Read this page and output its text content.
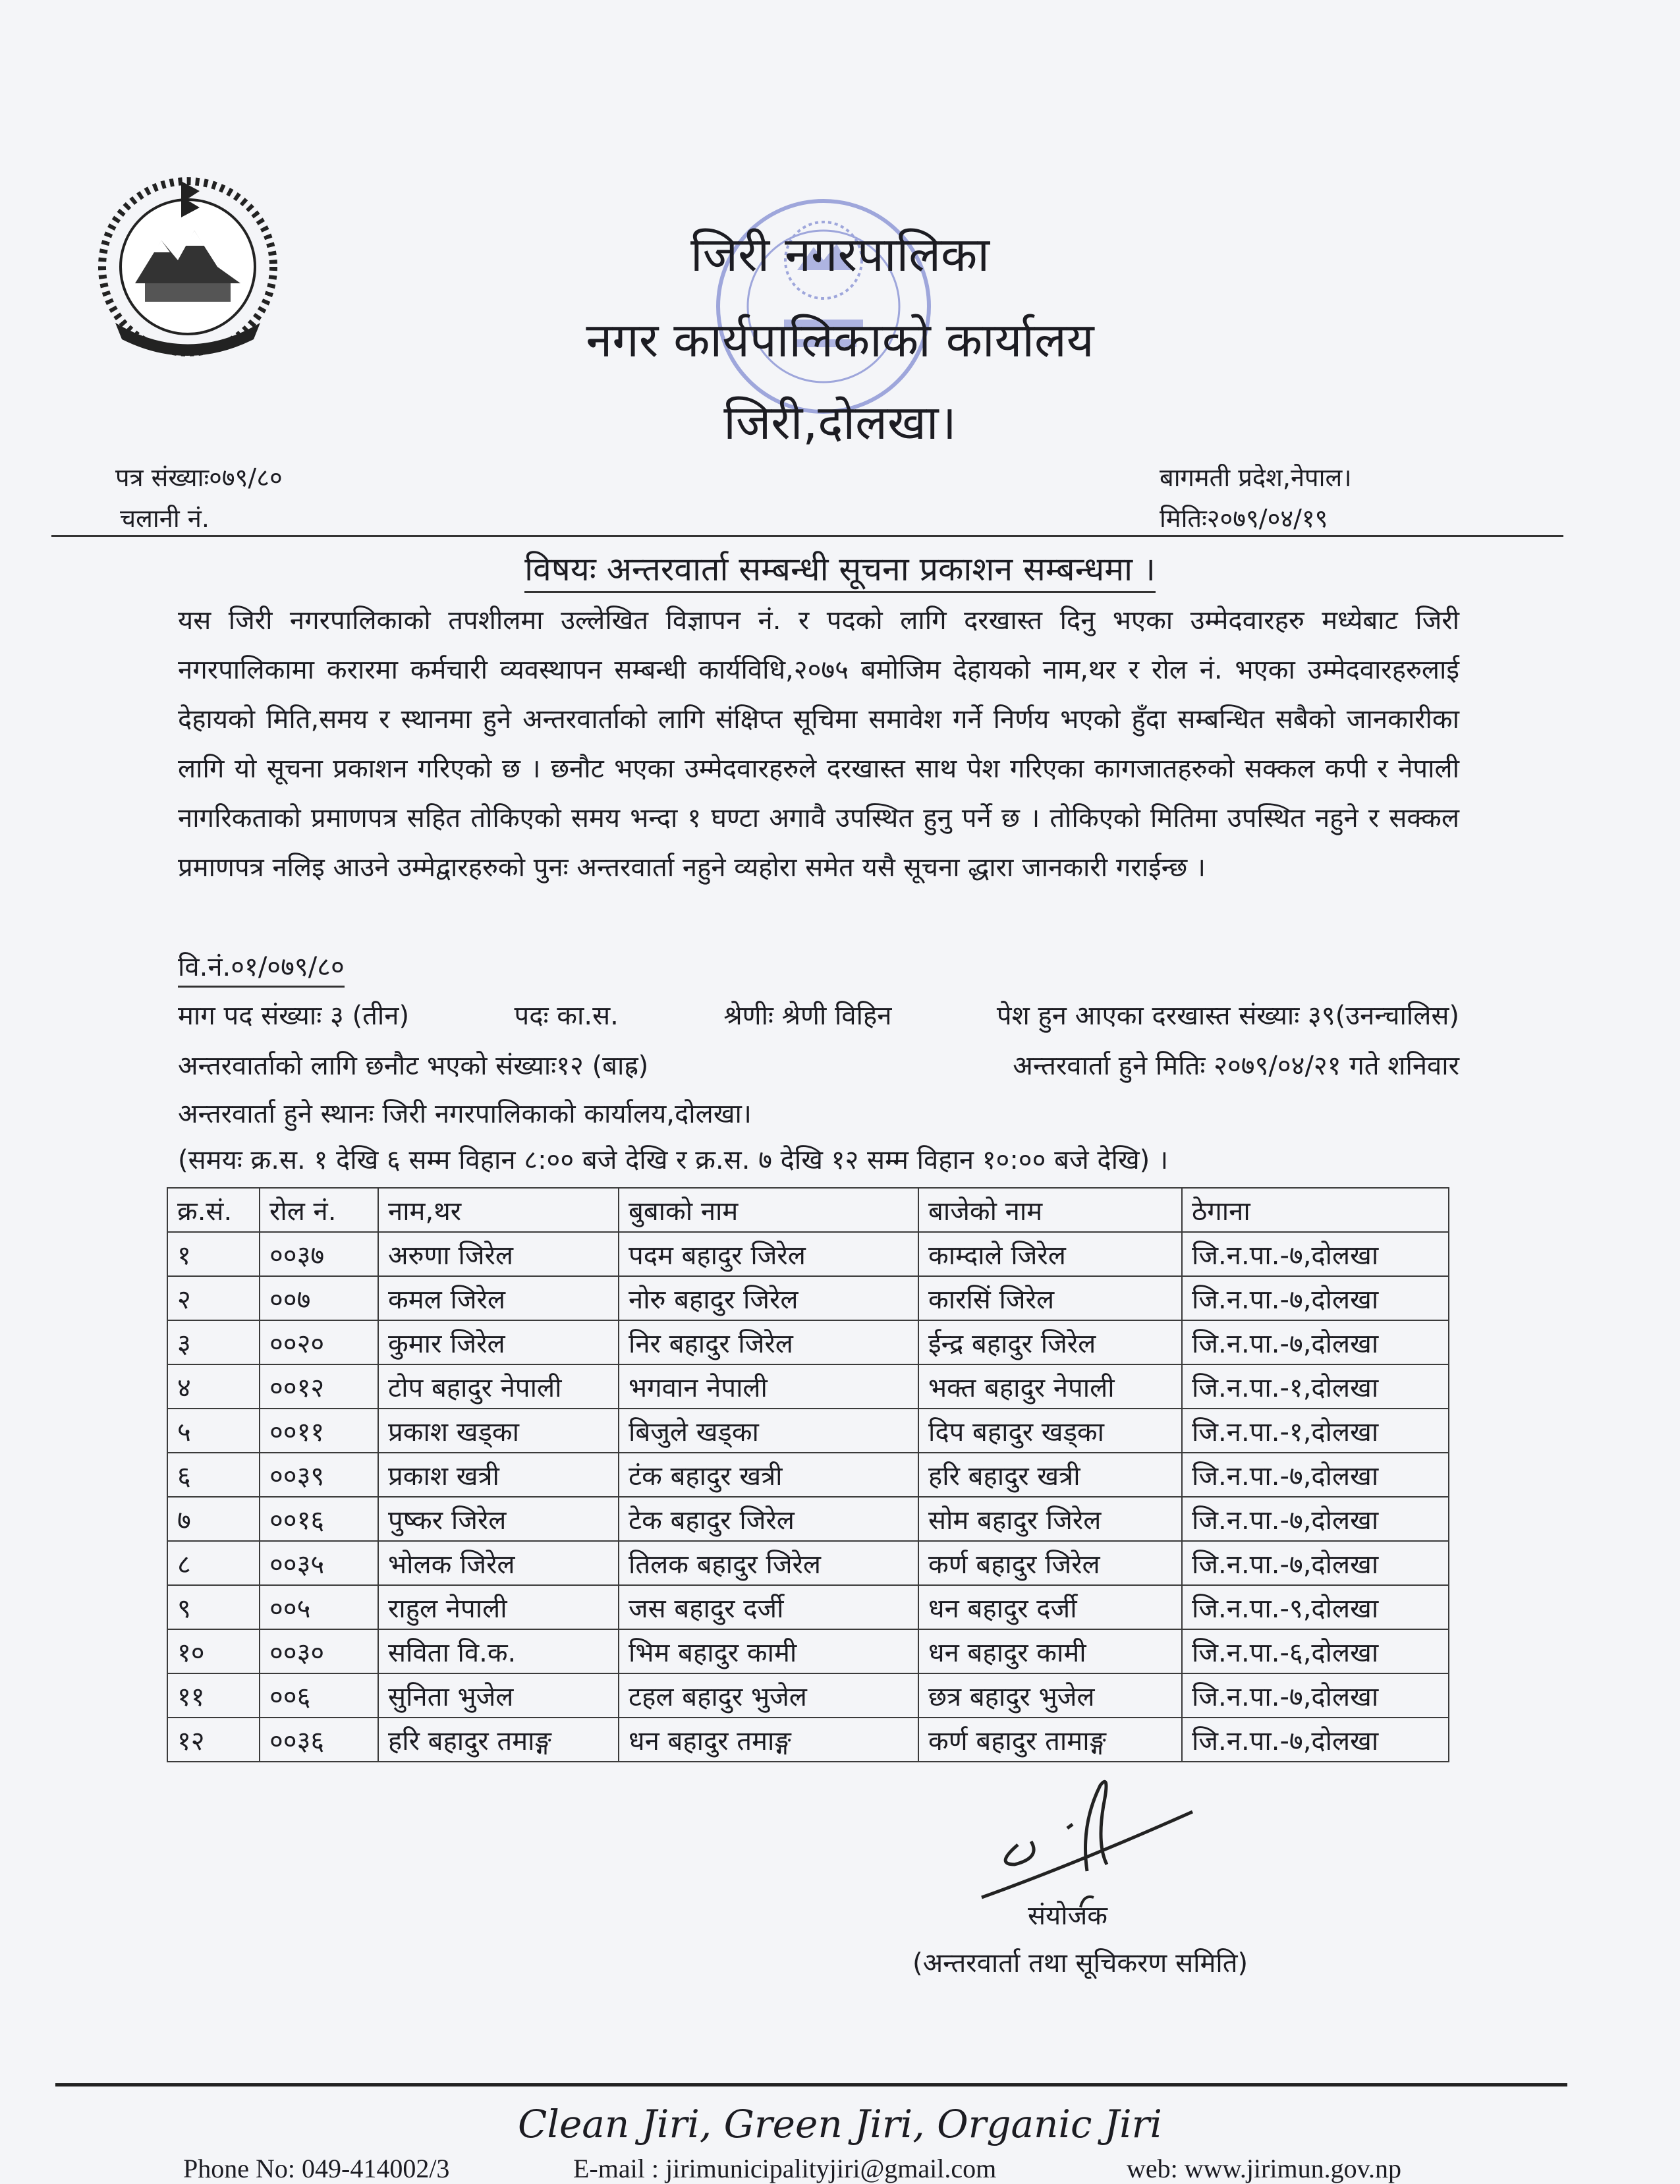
जिरी नगरपालिका
नगर कार्यपालिकाको कार्यालय
जिरी,दोलखा।
पत्र संख्याः०७९/८०
चलानी नं.
बागमती प्रदेश,नेपाल।
मितिः२०७९/०४/१९
विषयः अन्तरवार्ता सम्बन्धी सूचना प्रकाशन सम्बन्धमा ।

यस जिरी नगरपालिकाको तपशीलमा उल्लेखित विज्ञापन नं. र पदको लागि दरखास्त दिनु भएका उम्मेदवारहरु मध्येबाट जिरी नगरपालिकामा करारमा कर्मचारी व्यवस्थापन सम्बन्धी कार्यविधि,२०७५ बमोजिम देहायको नाम,थर र रोल नं. भएका उम्मेदवारहरुलाई देहायको मिति,समय र स्थानमा हुने अन्तरवार्ताको लागि संक्षिप्त सूचिमा समावेश गर्ने निर्णय भएको हुँदा सम्बन्धित सबैको जानकारीका लागि यो सूचना प्रकाशन गरिएको छ । छनौट भएका उम्मेदवारहरुले दरखास्त साथ पेश गरिएका कागजातहरुको सक्कल कपी र नेपाली नागरिकताको प्रमाणपत्र सहित तोकिएको समय भन्दा १ घण्टा अगावै उपस्थित हुनु पर्ने छ । तोकिएको मितिमा उपस्थित नहुने र सक्कल प्रमाणपत्र नलिइ आउने उम्मेद्वारहरुको पुनः अन्तरवार्ता नहुने व्यहोरा समेत यसै सूचना द्धारा जानकारी गराईन्छ ।

वि.नं.०१/०७९/८०
माग पद संख्याः ३ (तीन)	पदः का.स.	श्रेणीः श्रेणी विहिन	पेश हुन आएका दरखास्त संख्याः ३९(उनन्चालिस)
अन्तरवार्ताको लागि छनौट भएको संख्याः१२ (बाह्र)	अन्तरवार्ता हुने मितिः २०७९/०४/२१ गते शनिवार
अन्तरवार्ता हुने स्थानः जिरी नगरपालिकाको कार्यालय,दोलखा।
(समयः क्र.स. १ देखि ६ सम्म विहान ८:०० बजे देखि र क्र.स. ७ देखि १२ सम्म विहान १०:०० बजे देखि) ।
क्र.सं.	रोल नं.	नाम,थर	बुबाको नाम	बाजेको नाम	ठेगाना
१	००३७	अरुणा जिरेल	पदम बहादुर जिरेल	काम्दाले जिरेल	जि.न.पा.-७,दोलखा
२	००७	कमल जिरेल	नोरु बहादुर जिरेल	कारसिं जिरेल	जि.न.पा.-७,दोलखा
३	००२०	कुमार जिरेल	निर बहादुर जिरेल	ईन्द्र बहादुर जिरेल	जि.न.पा.-७,दोलखा
४	००१२	टोप बहादुर नेपाली	भगवान नेपाली	भक्त बहादुर नेपाली	जि.न.पा.-१,दोलखा
५	००११	प्रकाश खड्का	बिजुले खड्का	दिप बहादुर खड्का	जि.न.पा.-१,दोलखा
६	००३९	प्रकाश खत्री	टंक बहादुर खत्री	हरि बहादुर खत्री	जि.न.पा.-७,दोलखा
७	००१६	पुष्कर जिरेल	टेक बहादुर जिरेल	सोम बहादुर जिरेल	जि.न.पा.-७,दोलखा
८	००३५	भोलक जिरेल	तिलक बहादुर जिरेल	कर्ण बहादुर जिरेल	जि.न.पा.-७,दोलखा
९	००५	राहुल नेपाली	जस बहादुर दर्जी	धन बहादुर दर्जी	जि.न.पा.-९,दोलखा
१०	००३०	सविता वि.क.	भिम बहादुर कामी	धन बहादुर कामी	जि.न.पा.-६,दोलखा
११	००६	सुनिता भुजेल	टहल बहादुर भुजेल	छत्र बहादुर भुजेल	जि.न.पा.-७,दोलखा
१२	००३६	हरि बहादुर तमाङ्ग	धन बहादुर तमाङ्ग	कर्ण बहादुर तामाङ्ग	जि.न.पा.-७,दोलखा
संयोजक
(अन्तरवार्ता तथा सूचिकरण समिति)
Clean Jiri, Green Jiri, Organic Jiri
Phone No: 049-414002/3	E-mail : jirimunicipalityjiri@gmail.com	web: www.jirimun.gov.np
